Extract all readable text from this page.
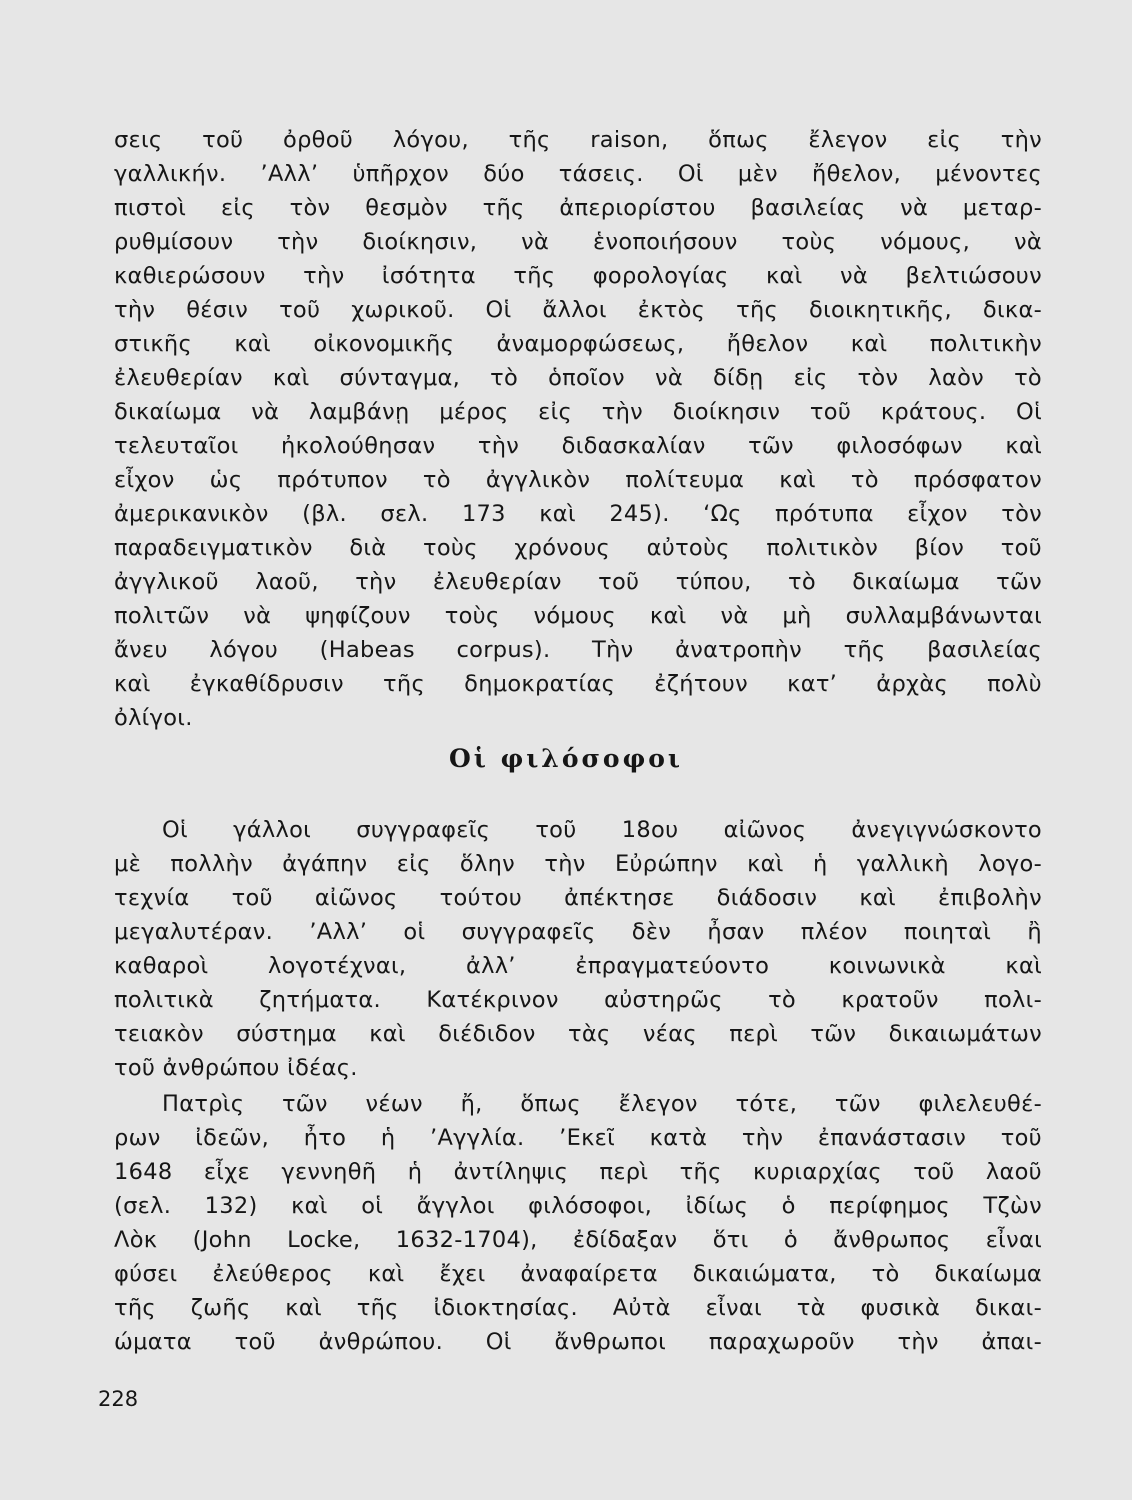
σεις τοῦ ὀρθοῦ λόγου, τῆς raison, ὅπως ἔλεγον εἰς τὴν
γαλλικήν. ’Αλλ’ ὑπῆρχον δύο τάσεις. Οἱ μὲν ἤθελον, μένοντες
πιστοὶ εἰς τὸν θεσμὸν τῆς ἀπεριορίστου βασιλείας νὰ μεταρ-
ρυθμίσουν τὴν διοίκησιν, νὰ ἑνοποιήσουν τοὺς νόμους, νὰ
καθιερώσουν τὴν ἰσότητα τῆς φορολογίας καὶ νὰ βελτιώσουν
τὴν θέσιν τοῦ χωρικοῦ. Οἱ ἄλλοι ἐκτὸς τῆς διοικητικῆς, δικα-
στικῆς καὶ οἰκονομικῆς ἀναμορφώσεως, ἤθελον καὶ πολιτικὴν
ἐλευθερίαν καὶ σύνταγμα, τὸ ὁποῖον νὰ δίδῃ εἰς τὸν λαὸν τὸ
δικαίωμα νὰ λαμβάνῃ μέρος εἰς τὴν διοίκησιν τοῦ κράτους. Οἱ
τελευταῖοι ἠκολούθησαν τὴν διδασκαλίαν τῶν φιλοσόφων καὶ
εἶχον ὡς πρότυπον τὸ ἀγγλικὸν πολίτευμα καὶ τὸ πρόσφατον
ἀμερικανικὸν (βλ. σελ. 173 καὶ 245). ‘Ως πρότυπα εἶχον τὸν
παραδειγματικὸν διὰ τοὺς χρόνους αὐτοὺς πολιτικὸν βίον τοῦ
ἀγγλικοῦ λαοῦ, τὴν ἐλευθερίαν τοῦ τύπου, τὸ δικαίωμα τῶν
πολιτῶν νὰ ψηφίζουν τοὺς νόμους καὶ νὰ μὴ συλλαμβάνωνται
ἄνευ λόγου (Habeas corpus). Τὴν ἀνατροπὴν τῆς βασιλείας
καὶ ἐγκαθίδρυσιν τῆς δημοκρατίας ἐζήτουν κατ’ ἀρχὰς πολὺ
ὀλίγοι.
Οἱ φιλόσοφοι
Οἱ γάλλοι συγγραφεῖς τοῦ 18ου αἰῶνος ἀνεγιγνώσκοντο
μὲ πολλὴν ἀγάπην εἰς ὅλην τὴν Εὐρώπην καὶ ἡ γαλλικὴ λογο-
τεχνία τοῦ αἰῶνος τούτου ἀπέκτησε διάδοσιν καὶ ἐπιβολὴν
μεγαλυτέραν. ’Αλλ’ οἱ συγγραφεῖς δὲν ἦσαν πλέον ποιηταὶ ἢ
καθαροὶ λογοτέχναι, ἀλλ’ ἐπραγματεύοντο κοινωνικὰ καὶ
πολιτικὰ ζητήματα. Κατέκρινον αὐστηρῶς τὸ κρατοῦν πολι-
τειακὸν σύστημα καὶ διέδιδον τὰς νέας περὶ τῶν δικαιωμάτων
τοῦ ἀνθρώπου ἰδέας.
Πατρὶς τῶν νέων ἤ, ὅπως ἔλεγον τότε, τῶν φιλελευθέ-
ρων ἰδεῶν, ἦτο ἡ ’Αγγλία. ’Εκεῖ κατὰ τὴν ἐπανάστασιν τοῦ
1648 εἶχε γεννηθῆ ἡ ἀντίληψις περὶ τῆς κυριαρχίας τοῦ λαοῦ
(σελ. 132) καὶ οἱ ἄγγλοι φιλόσοφοι, ἰδίως ὁ περίφημος Τζὼν
Λὸκ (John Locke, 1632-1704), ἐδίδαξαν ὅτι ὁ ἄνθρωπος εἶναι
φύσει ἐλεύθερος καὶ ἔχει ἀναφαίρετα δικαιώματα, τὸ δικαίωμα
τῆς ζωῆς καὶ τῆς ἰδιοκτησίας. Αὐτὰ εἶναι τὰ φυσικὰ δικαι-
ώματα τοῦ ἀνθρώπου. Οἱ ἄνθρωποι παραχωροῦν τὴν ἀπαι-
228
